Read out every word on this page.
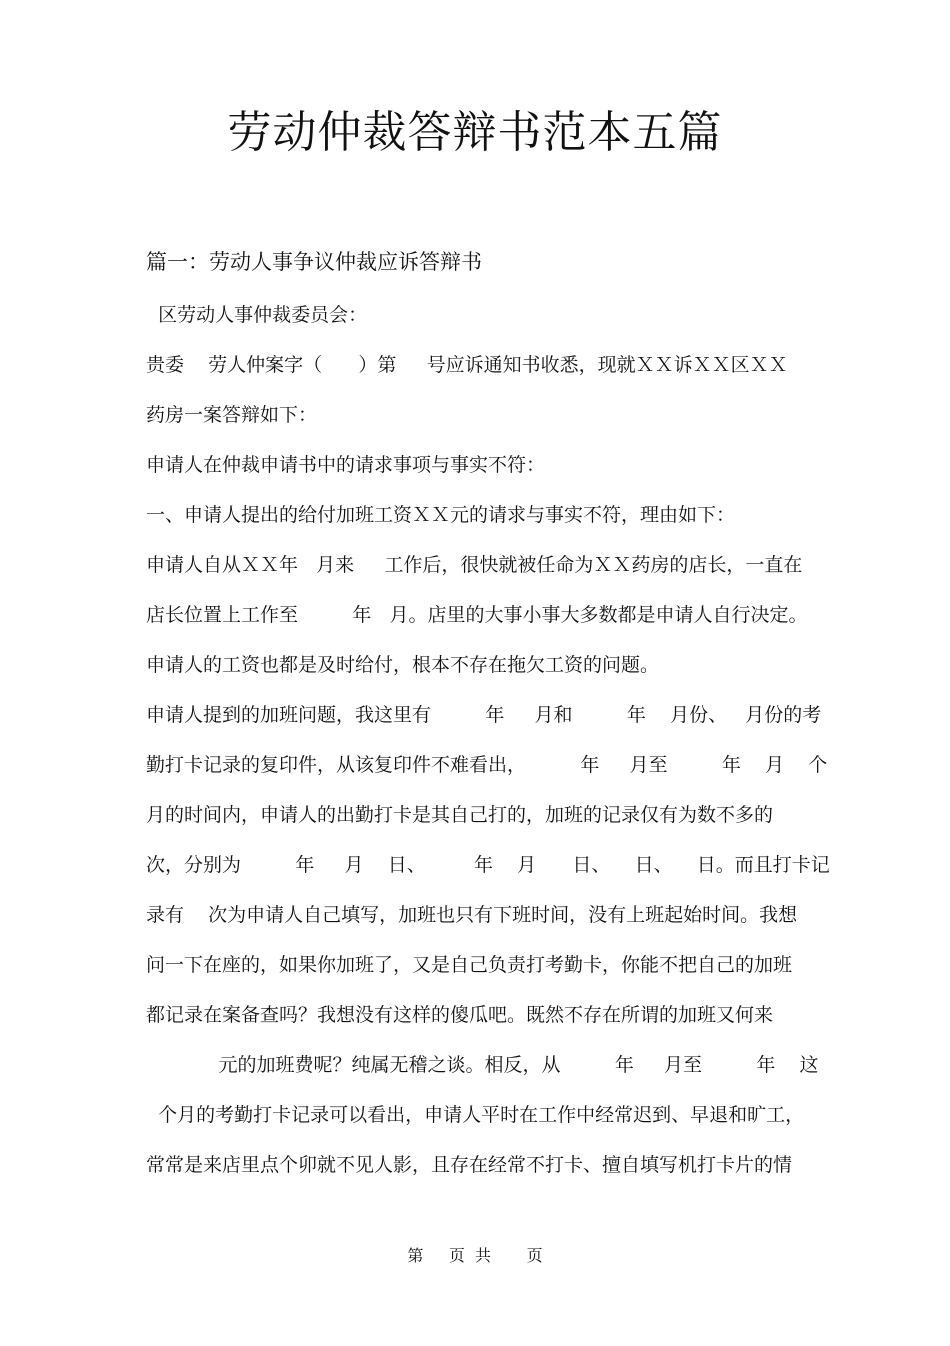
劳动仲裁答辩书范本五篇

篇一：劳动人事争议仲裁应诉答辩书

区劳动人事仲裁委员会：

贵委    劳人仲案字（      ）第     号应诉通知书收悉，现就ＸＸ诉ＸＸ区ＸＸ

药房一案答辩如下：

申请人在仲裁申请书中的请求事项与事实不符：

一、申请人提出的给付加班工资ＸＸ元的请求与事实不符，理由如下：

申请人自从ＸＸ年   月来     工作后，很快就被任命为ＸＸ药房的店长，一直在

店长位置上工作至         年   月。店里的大事小事大多数都是申请人自行决定。

申请人的工资也都是及时给付，根本不存在拖欠工资的问题。

申请人提到的加班问题，我这里有         年     月和         年    月份、   月份的考

勤打卡记录的复印件，从该复印件不难看出，         年     月至         年    月    个

月的时间内，申请人的出勤打卡是其自己打的，加班的记录仅有为数不多的

次，分别为         年     月    日、        年    月      日、    日、    日。而且打卡记

录有    次为申请人自己填写，加班也只有下班时间，没有上班起始时间。我想

问一下在座的，如果你加班了，又是自己负责打考勤卡，你能不把自己的加班

都记录在案备查吗？我想没有这样的傻瓜吧。既然不存在所谓的加班又何来

元的加班费呢？纯属无稽之谈。相反，从         年     月至         年    这

个月的考勤打卡记录可以看出，申请人平时在工作中经常迟到、早退和旷工，

常常是来店里点个卯就不见人影，且存在经常不打卡、擅自填写机打卡片的情

第     页  共       页
